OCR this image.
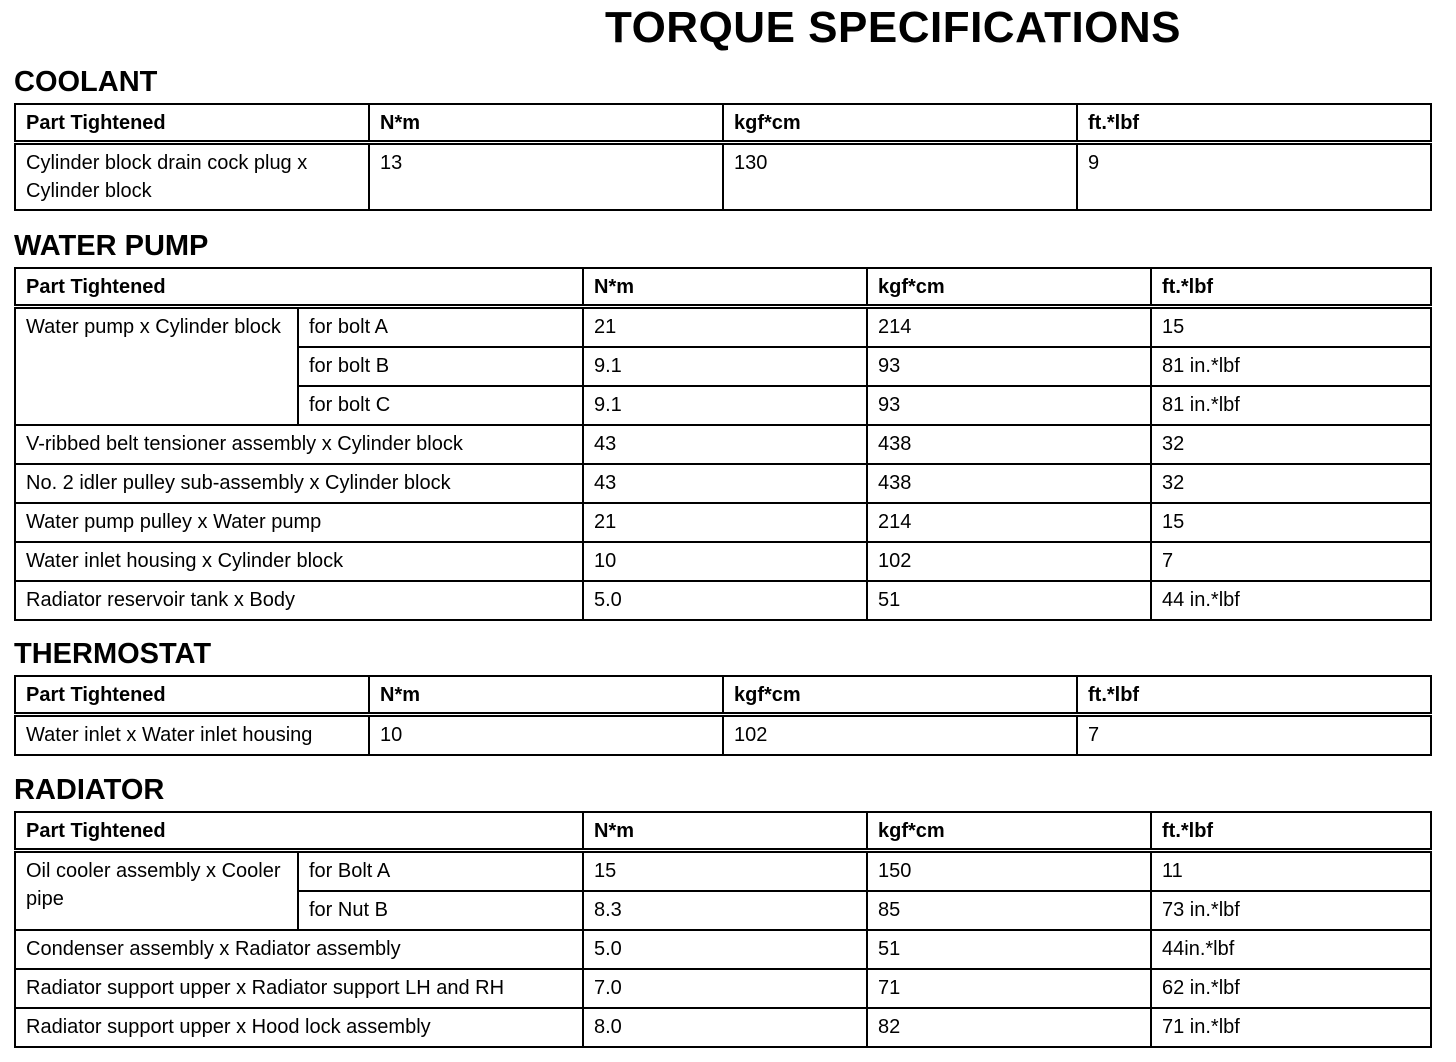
TORQUE SPECIFICATIONS
COOLANT
Part Tightened	N*m	kgf*cm	ft.*lbf
Cylinder block drain cock plug x Cylinder block	13	130	9
WATER PUMP
Part Tightened		N*m	kgf*cm	ft.*lbf
Water pump x Cylinder block	for bolt A	21	214	15
	for bolt B	9.1	93	81 in.*lbf
	for bolt C	9.1	93	81 in.*lbf
V-ribbed belt tensioner assembly x Cylinder block		43	438	32
No. 2 idler pulley sub-assembly x Cylinder block		43	438	32
Water pump pulley x Water pump		21	214	15
Water inlet housing x Cylinder block		10	102	7
Radiator reservoir tank x Body		5.0	51	44 in.*lbf
THERMOSTAT
Part Tightened	N*m	kgf*cm	ft.*lbf
Water inlet x Water inlet housing	10	102	7
RADIATOR
Part Tightened		N*m	kgf*cm	ft.*lbf
Oil cooler assembly x Cooler pipe	for Bolt A	15	150	11
	for Nut B	8.3	85	73 in.*lbf
Condenser assembly x Radiator assembly		5.0	51	44in.*lbf
Radiator support upper x Radiator support LH and RH		7.0	71	62 in.*lbf
Radiator support upper x Hood lock assembly		8.0	82	71 in.*lbf
